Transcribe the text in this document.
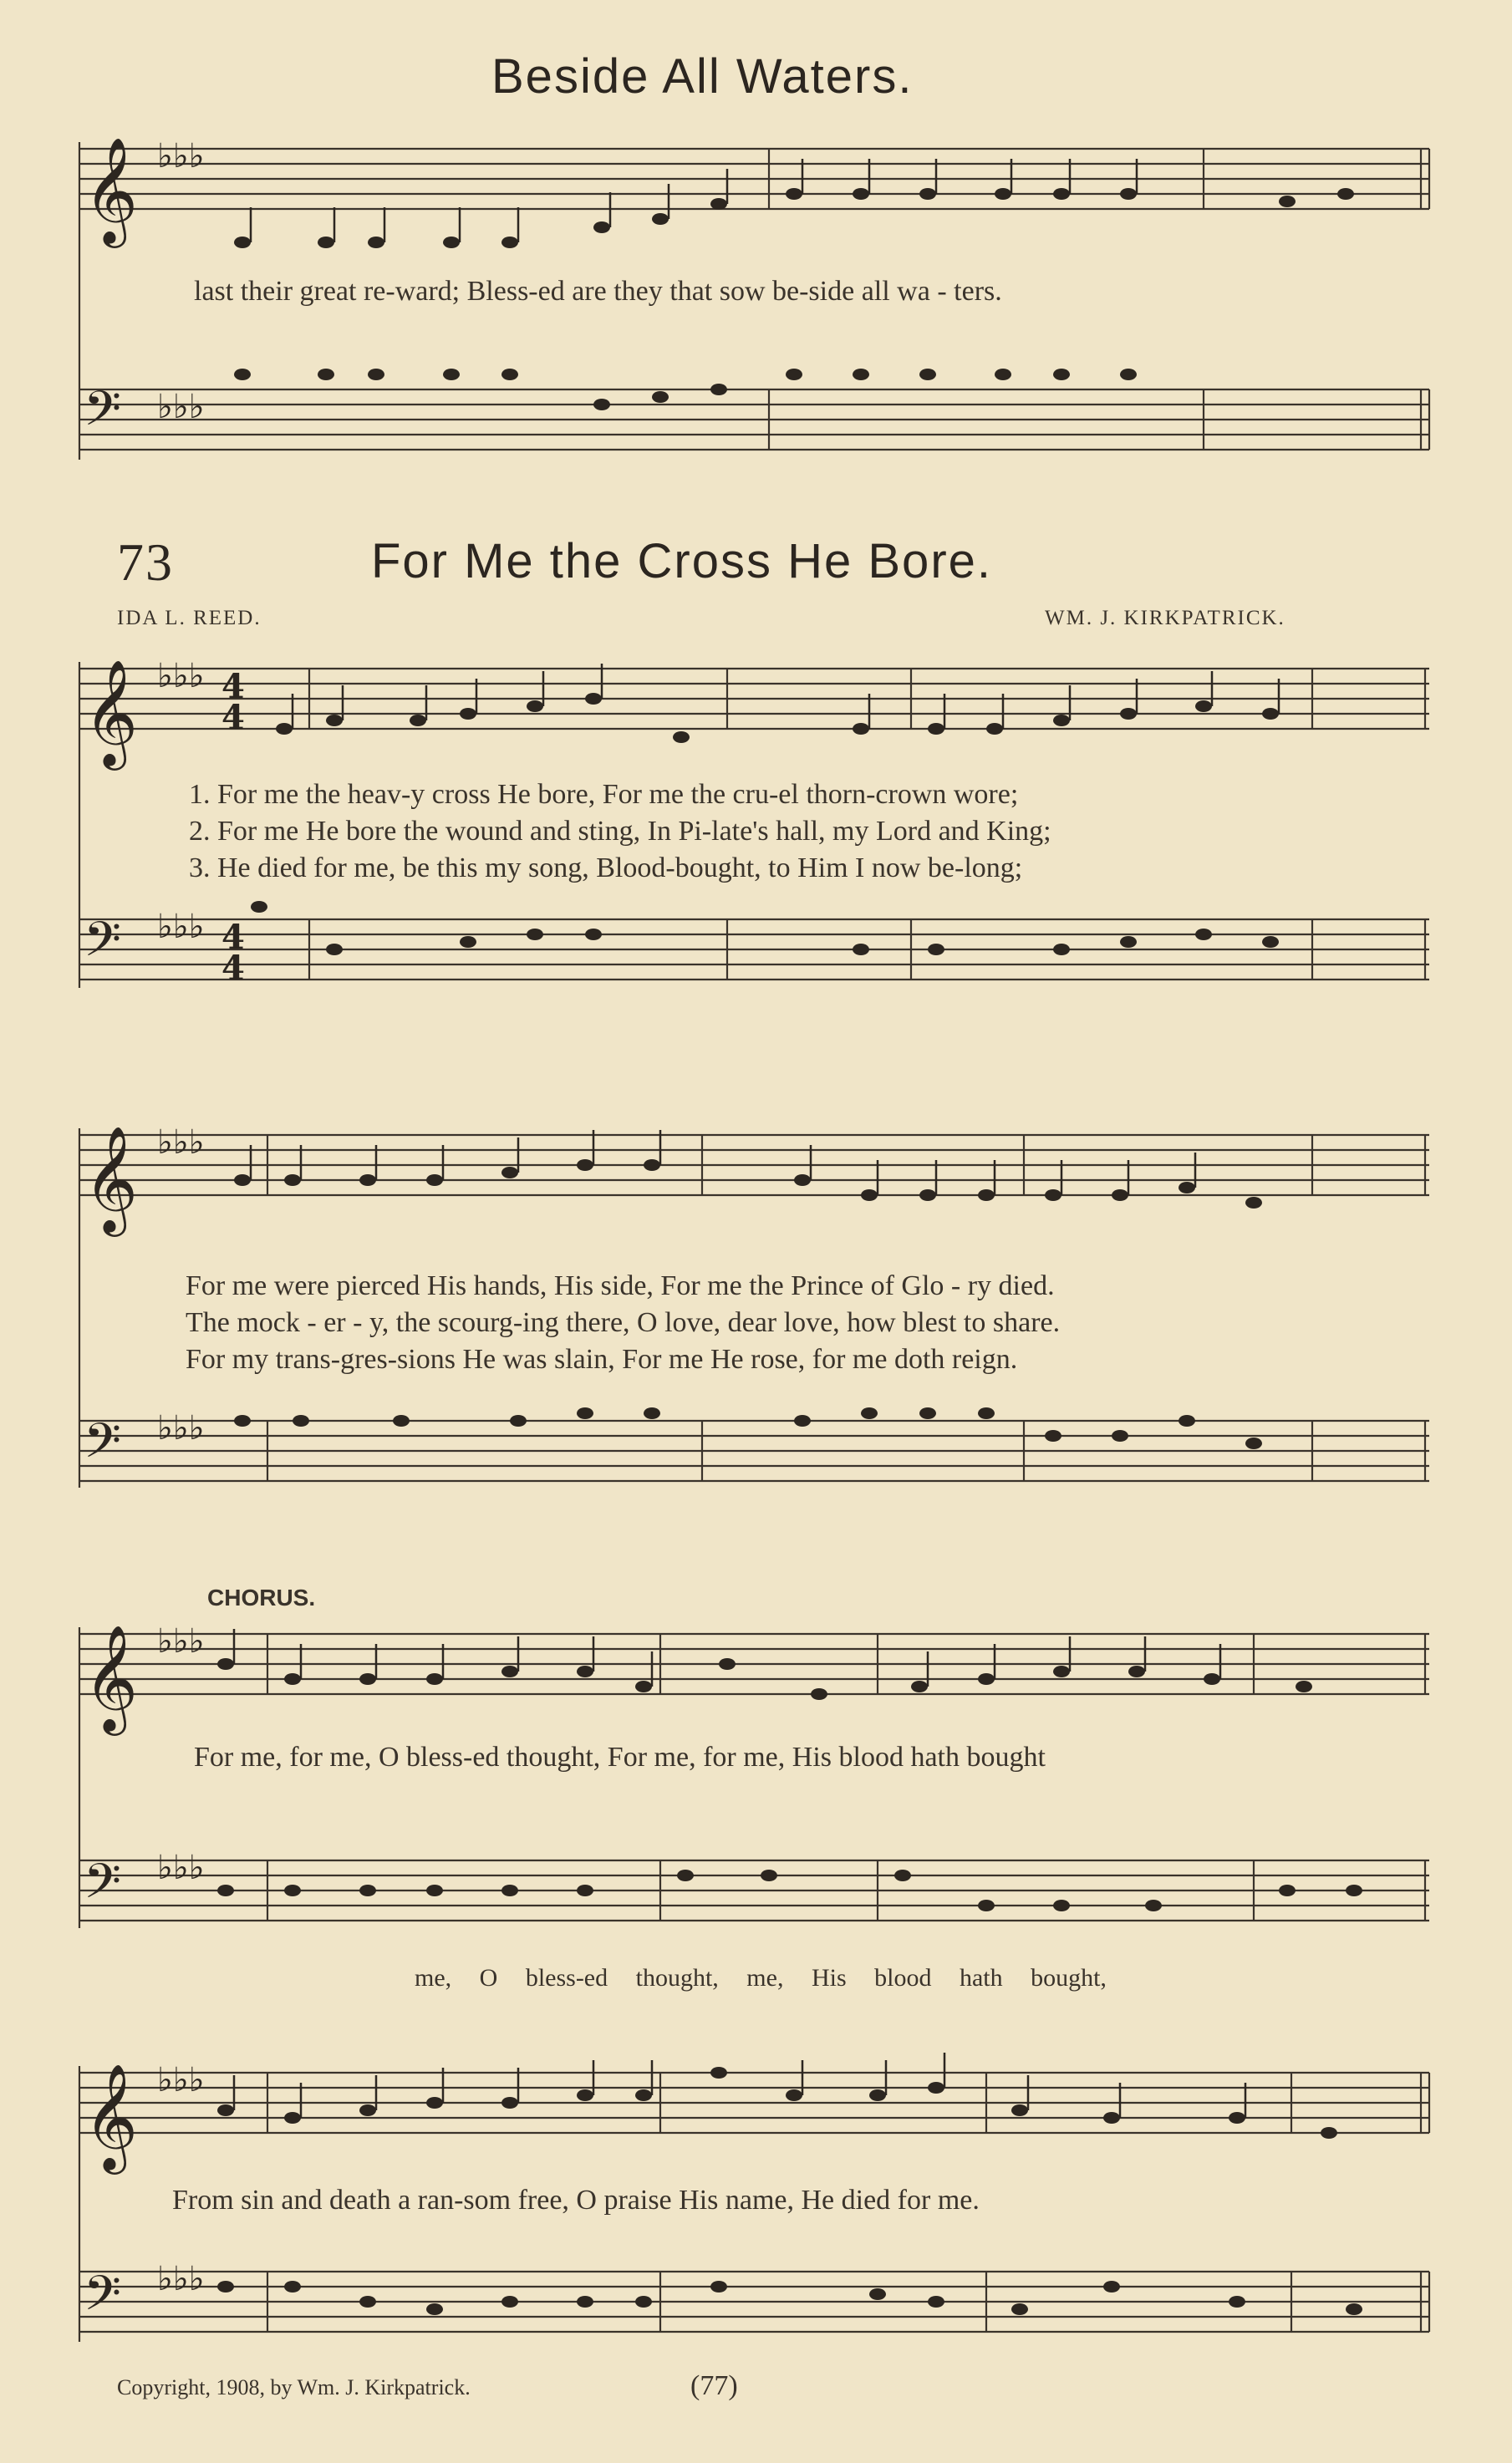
𝄞
𝄢
𝄞
𝄢
𝄞
𝄢
𝄞
𝄢
𝄞
𝄢
♭♭♭
♭♭♭
♭♭♭
♭♭♭
♭♭♭
♭♭♭
♭♭♭
♭♭♭
♭♭♭
♭♭♭
4
4
4
4
Beside All Waters.
last their great re-ward; Bless-ed are they that sow be-side all wa - ters.
73	For Me the Cross He Bore.
IDA L. REED.	WM. J. KIRKPATRICK.
1. For me the heav-y cross He bore, For me the cru-el thorn-crown wore;
2. For me He bore the wound and sting, In Pi-late's hall, my Lord and King;
3. He died for me, be this my song, Blood-bought, to Him I now be-long;
For me were pierced His hands, His side, For me the Prince of Glo - ry died.
The mock - er - y, the scourg-ing there, O love, dear love, how blest to share.
For my trans-gres-sions He was slain, For me He rose, for me doth reign.
CHORUS.
For me, for me, O bless-ed thought, For me, for me, His blood hath bought
me, O bless-ed thought, me, His blood hath bought,
From sin and death a ran-som free, O praise His name, He died for me.
Copyright, 1908, by Wm. J. Kirkpatrick.	(77)
